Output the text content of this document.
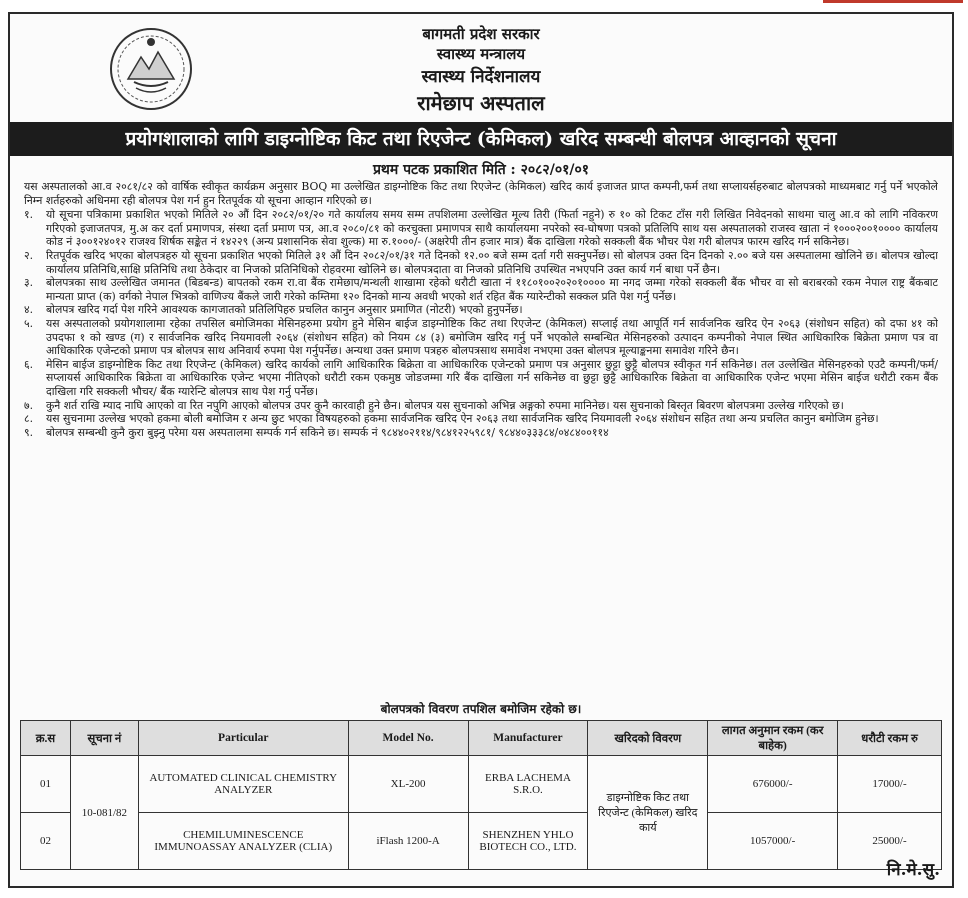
बागमती प्रदेश सरकार
स्वास्थ्य मन्त्रालय
स्वास्थ्य निर्देशनालय
रामेछाप अस्पताल
प्रयोगशालाको लागि डाइग्नोष्टिक किट तथा रिएजेन्ट (केमिकल) खरिद सम्बन्धी बोलपत्र आव्हानको सूचना
प्रथम पटक प्रकाशित मिति : २०८२/०१/०१

यस अस्पतालको आ.व २०८१/८२ को वार्षिक स्वीकृत कार्यक्रम अनुसार BOQ मा उल्लेखित डाइग्नोष्टिक किट तथा रिएजेन्ट (केमिकल) खरिद कार्य इजाजत प्राप्त कम्पनी,फर्म तथा सप्लायर्सहरुबाट बोलपत्रको माध्यमबाट गर्नु पर्ने भएकोले निम्न शर्तहरुको अधिनमा रही बोलपत्र पेश गर्न हुन रितपूर्वक यो सूचना आव्हान गरिएको छ।

१.	यो सूचना पत्रिकामा प्रकाशित भएको मितिले २० औं दिन २०८२/०१/२० गते कार्यालय समय सम्म तपशिलमा उल्लेखित मूल्य तिरी (फिर्ता नहुने) रु १० को टिकट टाँस गरी लिखित निवेदनको साथमा चालु आ.व को लागि नविकरण गरिएको इजाजतपत्र, मु.अ कर दर्ता प्रमाणपत्र, संस्था दर्ता प्रमाण पत्र, आ.व २०८०/८१ को करचुक्ता प्रमाणपत्र साथै कार्यालयमा नपरेको स्व-घोषणा पत्रको प्रतिलिपि साथ यस अस्पतालको राजस्व खाता नं १०००२००१०००० कार्यालय कोड नं ३००१२४०१२ राजश्व शिर्षक सङ्केत नं १४२२९ (अन्य प्रशासनिक सेवा शुल्क) मा रु.१०००/- (अक्षरेपी तीन हजार मात्र) बैंक दाखिला गरेको सक्कली बैंक भौचर पेश गरी बोलपत्र फारम खरिद गर्न सकिनेछ।
२.	रितपूर्वक खरिद भएका बोलपत्रहरु यो सूचना प्रकाशित भएको मितिले ३१ औं दिन २०८२/०१/३१ गते दिनको १२.०० बजे सम्म दर्ता गरी सक्नुपर्नेछ। सो बोलपत्र उक्त दिन दिनको २.०० बजे यस अस्पतालमा खोलिने छ। बोलपत्र खोल्दा कार्यालय प्रतिनिधि,साक्षि प्रतिनिधि तथा ठेकेदार वा निजको प्रतिनिधिको रोहवरमा खोलिने छ। बोलपत्रदाता वा निजको प्रतिनिधि उपस्थित नभएपनि उक्त कार्य गर्न बाधा पर्ने छैन।
३.	बोलपत्रका साथ उल्लेखित जमानत (बिडबन्ड) बापतको रकम रा.वा बैंक रामेछाप/मन्थली शाखामा रहेको धरौटी खाता नं ११८०१००२०२०१०००० मा नगद जम्मा गरेको सक्कली बैंक भौचर वा सो बराबरको रकम नेपाल राष्ट्र बैंकबाट मान्यता प्राप्त (क) वर्गको नेपाल भित्रको वाणिज्य बैंकले जारी गरेको कम्तिमा १२० दिनको मान्य अवधी भएको शर्त रहित बैंक ग्यारेन्टीको सक्कल प्रति पेश गर्नु पर्नेछ।
४.	बोलपत्र खरिद गर्दा पेश गरिने आवश्यक कागजातको प्रतिलिपिहरु प्रचलित कानुन अनुसार प्रमाणित (नोटरी) भएको हुनुपर्नेछ।
५.	यस अस्पतालको प्रयोगशालामा रहेका तपसिल बमोजिमका मेसिनहरुमा प्रयोग हुने मेसिन बाईज डाइग्नोष्टिक किट तथा रिएजेन्ट (केमिकल) सप्लाई तथा आपूर्ति गर्न सार्वजनिक खरिद ऐन २०६३ (संशोधन सहित) को दफा ४१ को उपदफा १ को खण्ड (ग) र सार्वजनिक खरिद नियमावली २०६४ (संशोधन सहित) को नियम ८४ (३) बमोजिम खरिद गर्नु पर्ने भएकोले सम्बन्धित मेसिनहरुको उत्पादन कम्पनीको नेपाल स्थित आधिकारिक बिक्रेता प्रमाण पत्र वा आधिकारिक एजेन्टको प्रमाण पत्र बोलपत्र साथ अनिवार्य रुपमा पेश गर्नुपर्नेछ। अन्यथा उक्त प्रमाण पत्रहरु बोलपत्रसाथ समावेश नभएमा उक्त बोलपत्र मूल्याङ्कनमा समावेश गरिने छैन।
६.	मेसिन बाईज डाइग्नोष्टिक किट तथा रिएजेन्ट (केमिकल) खरिद कार्यको लागि आधिकारिक बिक्रेता वा आधिकारिक एजेन्टको प्रमाण पत्र अनुसार छुट्टा छुट्टै बोलपत्र स्वीकृत गर्न सकिनेछ। तल उल्लेखित मेसिनहरुको एउटै कम्पनी/फर्म/सप्लायर्स आधिकारिक बिक्रेता वा आधिकारिक एजेन्ट भएमा नीतिएको धरौटी रकम एकमुष्ठ जोडजम्मा गरि बैंक दाखिला गर्न सकिनेछ वा छुट्टा छुट्टै आधिकारिक बिक्रेता वा आधिकारिक एजेन्ट भएमा मेसिन बाईज धरौटी रकम बैंक दाखिला गरि सक्कली भौचर/ बैंक ग्यारेन्टि बोलपत्र साथ पेश गर्नु पर्नेछ।
७.	कुनै शर्त राखि म्याद नाघि आएको वा रित नपुगि आएको बोलपत्र उपर कुनै कारवाही हुने छैन। बोलपत्र यस सुचनाको अभिन्न अङ्गको रुपमा मानिनेछ। यस सुचनाको बिस्तृत बिवरण बोलपत्रमा उल्लेख गरिएको छ।
८.	यस सुचनामा उल्लेख भएको हकमा बोली बमोजिम र अन्य छुट भएका विषयहरुको हकमा सार्वजनिक खरिद ऐन २०६३ तथा सार्वजनिक खरिद नियमावली २०६४ संशोधन सहित तथा अन्य प्रचलित कानुन बमोजिम हुनेछ।
९.	बोलपत्र सम्बन्धी कुनै कुरा बुझ्नु परेमा यस अस्पतालमा सम्पर्क गर्न सकिने छ। सम्पर्क नं ९८४४०२११४/९८४१२२५९८१/ ९८४४०३३३८४/०४८४००११४
बोलपत्रको विवरण तपशिल बमोजिम रहेको छ।
क्र.स	सूचना नं	Particular	Model No.	Manufacturer	खरिदको विवरण	लागत अनुमान रकम (कर बाहेक)	धरौटी रकम रु
01	10-081/82	AUTOMATED CLINICAL CHEMISTRY ANALYZER	XL-200	ERBA LACHEMA S.R.O.	डाइग्नोष्टिक किट तथा रिएजेन्ट (केमिकल) खरिद कार्य	676000/-	17000/-
02		CHEMILUMINESCENCE IMMUNOASSAY ANALYZER (CLIA)	iFlash 1200-A	SHENZHEN YHLO BIOTECH CO., LTD.		1057000/-	25000/-
नि.मे.सु.
